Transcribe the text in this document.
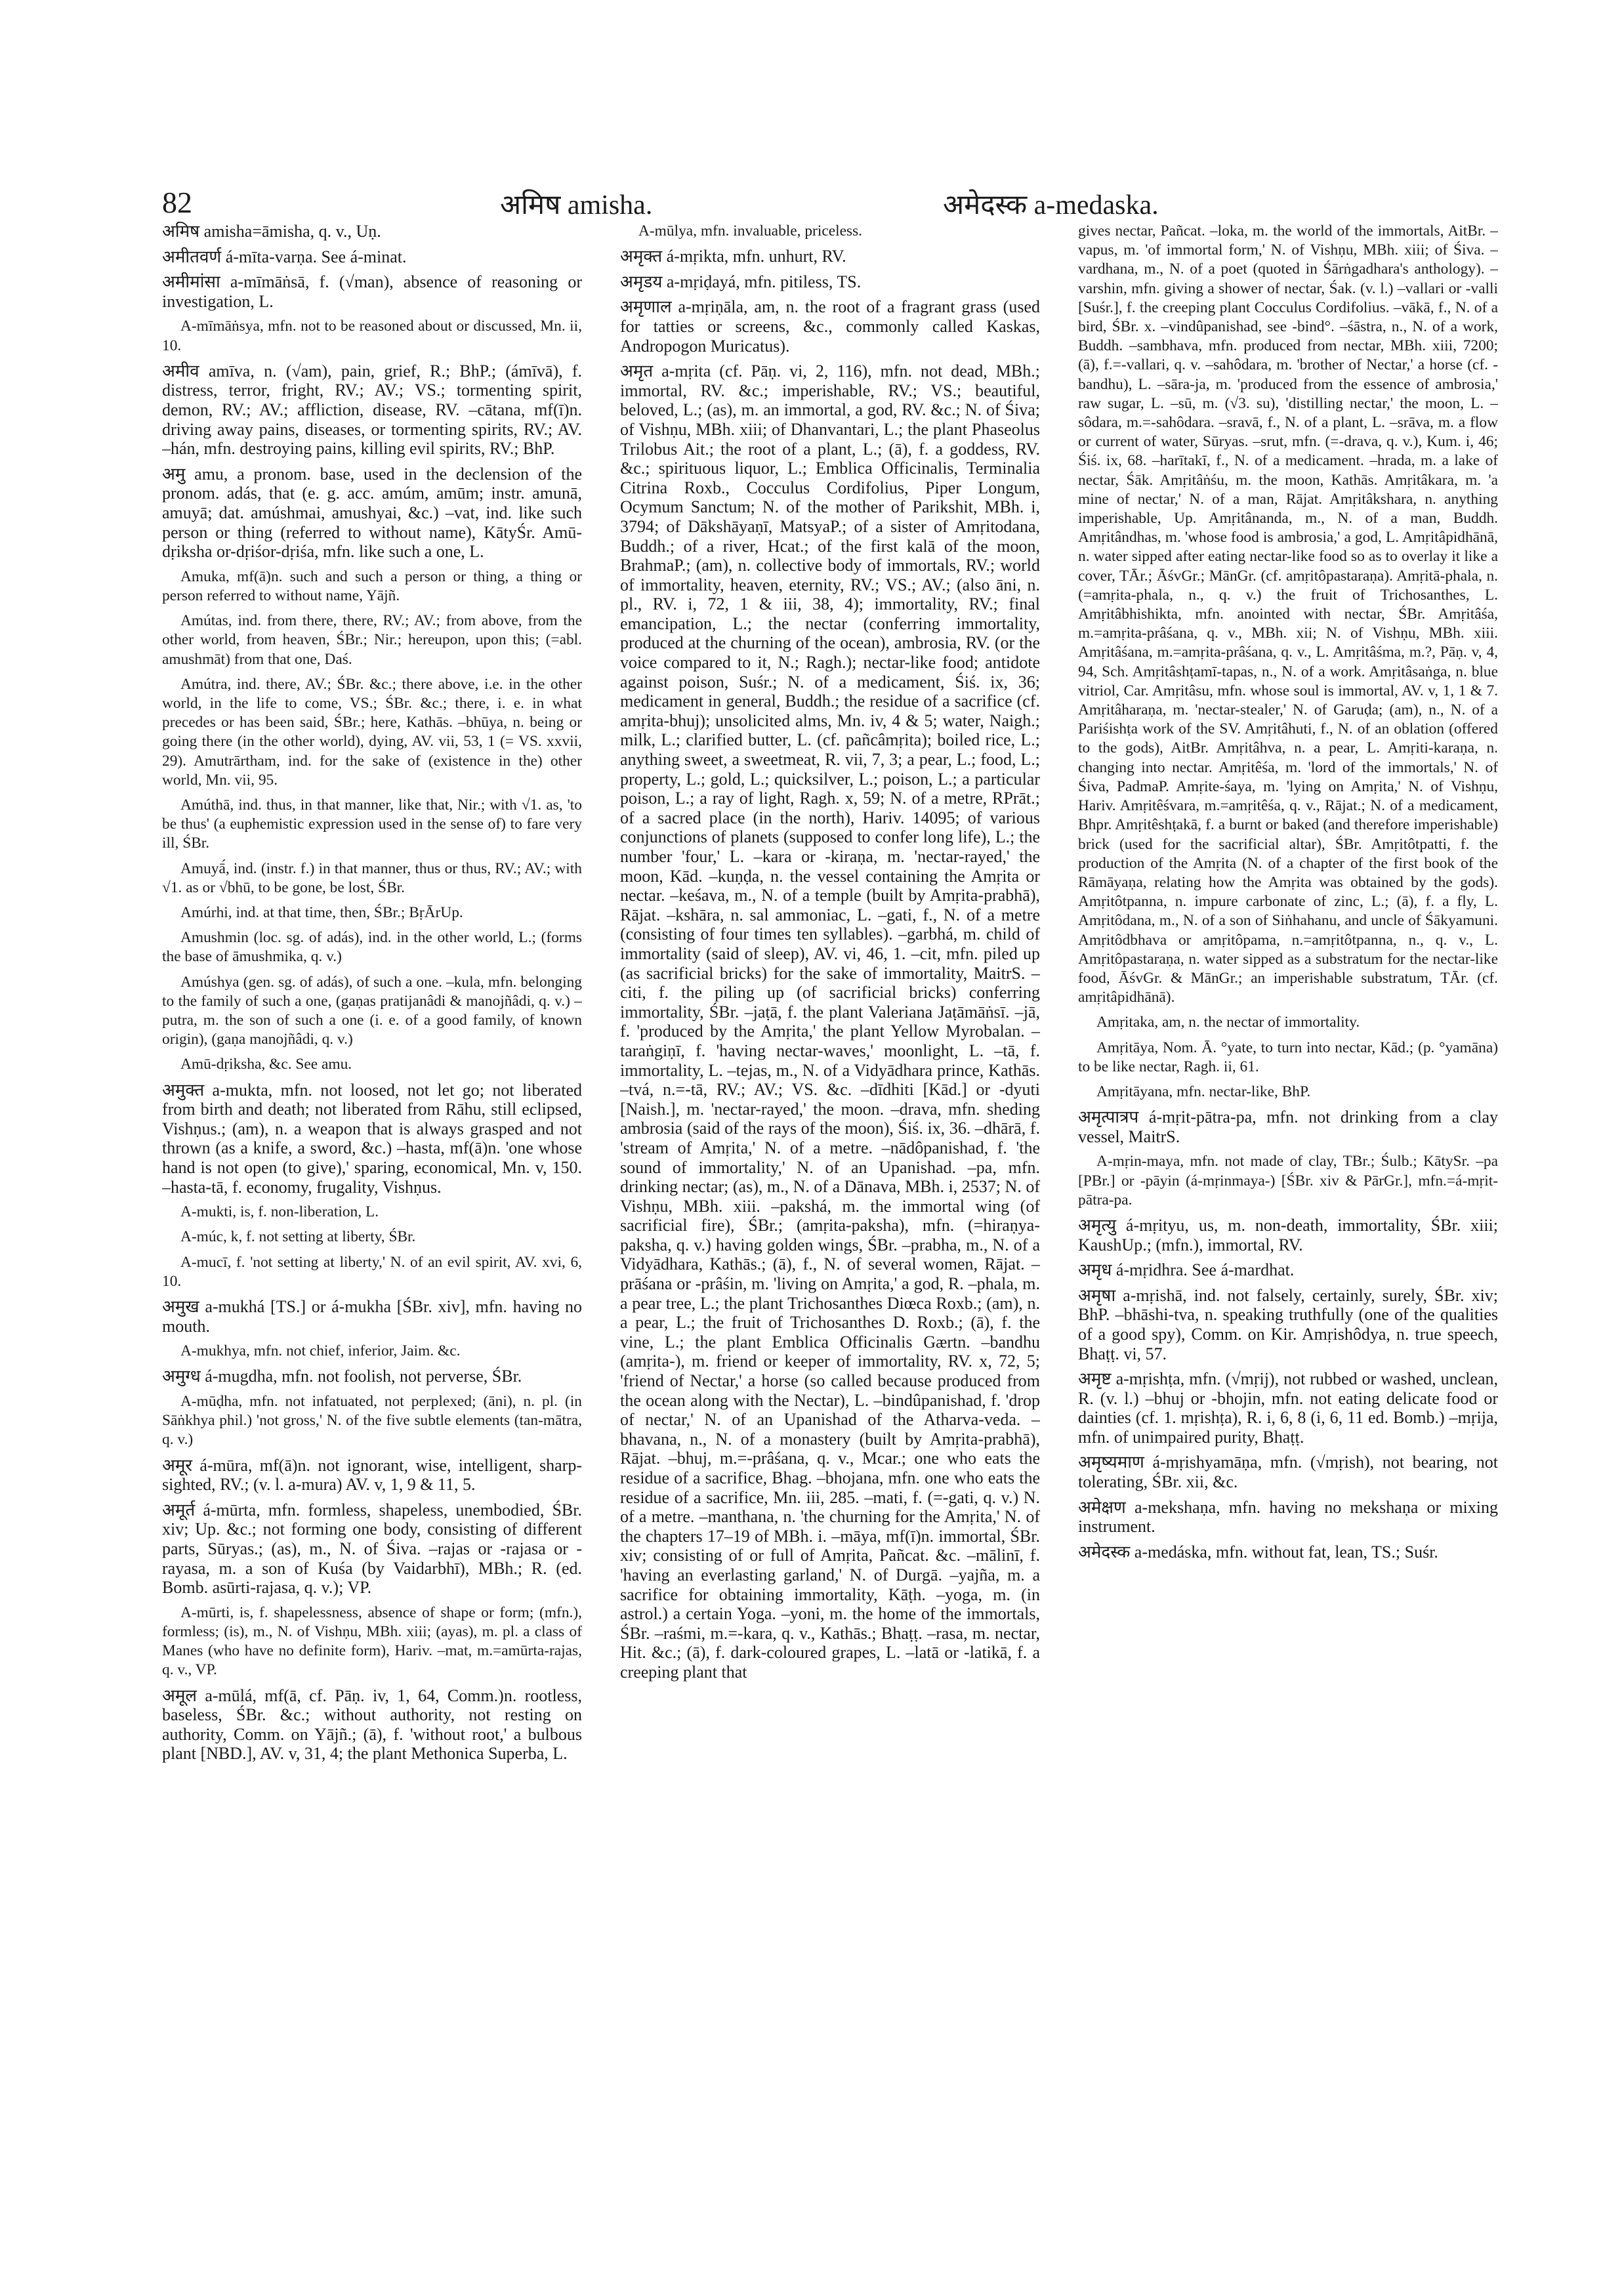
82	अमिष amisha.	अमेदस्क a-medaska.

अमिष amisha=āmisha, q. v., Uṇ.

अमीतवर्ण á-mīta-varṇa. See á-minat.

अमीमांसा a-mīmāṅsā, f. (√man), absence of reasoning or investigation, L.

A-mīmāṅsya, mfn. not to be reasoned about or discussed, Mn. ii, 10.

अमीव amīva, n. (√am), pain, grief, R.; BhP.; (ámīvā), f. distress, terror, fright, RV.; AV.; VS.; tormenting spirit, demon, RV.; AV.; affliction, disease, RV. –cātana, mf(ī)n. driving away pains, diseases, or tormenting spirits, RV.; AV. –hán, mfn. destroying pains, killing evil spirits, RV.; BhP.

अमु amu, a pronom. base, used in the declension of the pronom. adás, that (e. g. acc. amúm, amūm; instr. amunā, amuyā; dat. amúshmai, amushyai, &c.) –vat, ind. like such person or thing (referred to without name), KātyŚr. Amū-dṛiksha or-dṛiśor-dṛiśa, mfn. like such a one, L.

Amuka, mf(ā)n. such and such a person or thing, a thing or person referred to without name, Yājñ.

Amútas, ind. from there, there, RV.; AV.; from above, from the other world, from heaven, ŚBr.; Nir.; hereupon, upon this; (=abl. amushmāt) from that one, Daś.

Amútra, ind. there, AV.; ŚBr. &c.; there above, i.e. in the other world, in the life to come, VS.; ŚBr. &c.; there, i. e. in what precedes or has been said, ŚBr.; here, Kathās. –bhūya, n. being or going there (in the other world), dying, AV. vii, 53, 1 (= VS. xxvii, 29). Amutrārtham, ind. for the sake of (existence in the) other world, Mn. vii, 95.

Amúthā, ind. thus, in that manner, like that, Nir.; with √1. as, 'to be thus' (a euphemistic expression used in the sense of) to fare very ill, ŚBr.

Amuyā́, ind. (instr. f.) in that manner, thus or thus, RV.; AV.; with √1. as or √bhū, to be gone, be lost, ŚBr.

Amúrhi, ind. at that time, then, ŚBr.; BṛĀrUp.

Amushmin (loc. sg. of adás), ind. in the other world, L.; (forms the base of āmushmika, q. v.)

Amúshya (gen. sg. of adás), of such a one. –kula, mfn. belonging to the family of such a one, (gaṇas pratijanâdi & manojñâdi, q. v.) –putra, m. the son of such a one (i. e. of a good family, of known origin), (gaṇa manojñâdi, q. v.)

Amū-dṛiksha, &c. See amu.

अमुक्त a-mukta, mfn. not loosed, not let go; not liberated from birth and death; not liberated from Rāhu, still eclipsed, Vishṇus.; (am), n. a weapon that is always grasped and not thrown (as a knife, a sword, &c.) –hasta, mf(ā)n. 'one whose hand is not open (to give),' sparing, economical, Mn. v, 150. –hasta-tā, f. economy, frugality, Vishṇus.

A-mukti, is, f. non-liberation, L.

A-múc, k, f. not setting at liberty, ŚBr.

A-mucī, f. 'not setting at liberty,' N. of an evil spirit, AV. xvi, 6, 10.

अमुख a-mukhá [TS.] or á-mukha [ŚBr. xiv], mfn. having no mouth.

A-mukhya, mfn. not chief, inferior, Jaim. &c.

अमुग्ध á-mugdha, mfn. not foolish, not perverse, ŚBr.

A-mūḍha, mfn. not infatuated, not perplexed; (āni), n. pl. (in Sāṅkhya phil.) 'not gross,' N. of the five subtle elements (tan-mātra, q. v.)

अमूर á-mūra, mf(ā)n. not ignorant, wise, intelligent, sharp-sighted, RV.; (v. l. a-mura) AV. v, 1, 9 & 11, 5.

अमूर्त á-mūrta, mfn. formless, shapeless, unembodied, ŚBr. xiv; Up. &c.; not forming one body, consisting of different parts, Sūryas.; (as), m., N. of Śiva. –rajas or -rajasa or -rayasa, m. a son of Kuśa (by Vaidarbhī), MBh.; R. (ed. Bomb. asūrti-rajasa, q. v.); VP.

A-mūrti, is, f. shapelessness, absence of shape or form; (mfn.), formless; (is), m., N. of Vishṇu, MBh. xiii; (ayas), m. pl. a class of Manes (who have no definite form), Hariv. –mat, m.=amūrta-rajas, q. v., VP.

अमूल a-mūlá, mf(ā, cf. Pāṇ. iv, 1, 64, Comm.)n. rootless, baseless, ŚBr. &c.; without authority, not resting on authority, Comm. on Yājñ.; (ā), f. 'without root,' a bulbous plant [NBD.], AV. v, 31, 4; the plant Methonica Superba, L.

A-mūlya, mfn. invaluable, priceless.

अमृक्त á-mṛikta, mfn. unhurt, RV.

अमृडय a-mṛiḍayá, mfn. pitiless, TS.

अमृणाल a-mṛiṇāla, am, n. the root of a fragrant grass (used for tatties or screens, &c., commonly called Kaskas, Andropogon Muricatus).

अमृत a-mṛita (cf. Pāṇ. vi, 2, 116), mfn. not dead, MBh.; immortal, RV. &c.; imperishable, RV.; VS.; beautiful, beloved, L.; (as), m. an immortal, a god, RV. &c.; N. of Śiva; of Vishṇu, MBh. xiii; of Dhanvantari, L.; the plant Phaseolus Trilobus Ait.; the root of a plant, L.; (ā), f. a goddess, RV. &c.; spirituous liquor, L.; Emblica Officinalis, Terminalia Citrina Roxb., Cocculus Cordifolius, Piper Longum, Ocymum Sanctum; N. of the mother of Parikshit, MBh. i, 3794; of Dākshāyaṇī, MatsyaP.; of a sister of Amṛitodana, Buddh.; of a river, Hcat.; of the first kalā of the moon, BrahmaP.; (am), n. collective body of immortals, RV.; world of immortality, heaven, eternity, RV.; VS.; AV.; (also āni, n. pl., RV. i, 72, 1 & iii, 38, 4); immortality, RV.; final emancipation, L.; the nectar (conferring immortality, produced at the churning of the ocean), ambrosia, RV. (or the voice compared to it, N.; Ragh.); nectar-like food; antidote against poison, Suśr.; N. of a medicament, Śiś. ix, 36; medicament in general, Buddh.; the residue of a sacrifice (cf. amṛita-bhuj); unsolicited alms, Mn. iv, 4 & 5; water, Naigh.; milk, L.; clarified butter, L. (cf. pañcâmṛita); boiled rice, L.; anything sweet, a sweetmeat, R. vii, 7, 3; a pear, L.; food, L.; property, L.; gold, L.; quicksilver, L.; poison, L.; a particular poison, L.; a ray of light, Ragh. x, 59; N. of a metre, RPrāt.; of a sacred place (in the north), Hariv. 14095; of various conjunctions of planets (supposed to confer long life), L.; the number 'four,' L. –kara or -kiraṇa, m. 'nectar-rayed,' the moon, Kād. –kuṇḍa, n. the vessel containing the Amṛita or nectar. –keśava, m., N. of a temple (built by Amṛita-prabhā), Rājat. –kshāra, n. sal ammoniac, L. –gati, f., N. of a metre (consisting of four times ten syllables). –garbhá, m. child of immortality (said of sleep), AV. vi, 46, 1. –cit, mfn. piled up (as sacrificial bricks) for the sake of immortality, MaitrS. –citi, f. the piling up (of sacrificial bricks) conferring immortality, ŚBr. –jaṭā, f. the plant Valeriana Jaṭāmāṅsī. –jā, f. 'produced by the Amṛita,' the plant Yellow Myrobalan. –taraṅgiṇī, f. 'having nectar-waves,' moonlight, L. –tā, f. immortality, L. –tejas, m., N. of a Vidyādhara prince, Kathās. –tvá, n.=-tā, RV.; AV.; VS. &c. –dīdhiti [Kād.] or -dyuti [Naish.], m. 'nectar-rayed,' the moon. –drava, mfn. sheding ambrosia (said of the rays of the moon), Śiś. ix, 36. –dhārā, f. 'stream of Amṛita,' N. of a metre. –nādôpanishad, f. 'the sound of immortality,' N. of an Upanishad. –pa, mfn. drinking nectar; (as), m., N. of a Dānava, MBh. i, 2537; N. of Vishṇu, MBh. xiii. –pakshá, m. the immortal wing (of sacrificial fire), ŚBr.; (amṛita-paksha), mfn. (=hiraṇya-paksha, q. v.) having golden wings, ŚBr. –prabha, m., N. of a Vidyādhara, Kathās.; (ā), f., N. of several women, Rājat. –prāśana or -prâśin, m. 'living on Amṛita,' a god, R. –phala, m. a pear tree, L.; the plant Trichosanthes Diœca Roxb.; (am), n. a pear, L.; the fruit of Trichosanthes D. Roxb.; (ā), f. the vine, L.; the plant Emblica Officinalis Gærtn. –bandhu (amṛita-), m. friend or keeper of immortality, RV. x, 72, 5; 'friend of Nectar,' a horse (so called because produced from the ocean along with the Nectar), L. –bindûpanishad, f. 'drop of nectar,' N. of an Upanishad of the Atharva-veda. –bhavana, n., N. of a monastery (built by Amṛita-prabhā), Rājat. –bhuj, m.=-prâśana, q. v., Mcar.; one who eats the residue of a sacrifice, Bhag. –bhojana, mfn. one who eats the residue of a sacrifice, Mn. iii, 285. –mati, f. (=-gati, q. v.) N. of a metre. –manthana, n. 'the churning for the Amṛita,' N. of the chapters 17–19 of MBh. i. –māya, mf(ī)n. immortal, ŚBr. xiv; consisting of or full of Amṛita, Pañcat. &c. –mālinī, f. 'having an everlasting garland,' N. of Durgā. –yajña, m. a sacrifice for obtaining immortality, Kāṭh. –yoga, m. (in astrol.) a certain Yoga. –yoni, m. the home of the immortals, ŚBr. –raśmi, m.=-kara, q. v., Kathās.; Bhaṭṭ. –rasa, m. nectar, Hit. &c.; (ā), f. dark-coloured grapes, L. –latā or -latikā, f. a creeping plant that

gives nectar, Pañcat. –loka, m. the world of the immortals, AitBr. –vapus, m. 'of immortal form,' N. of Vishṇu, MBh. xiii; of Śiva. –vardhana, m., N. of a poet (quoted in Śārṅgadhara's anthology). –varshin, mfn. giving a shower of nectar, Śak. (v. l.) –vallari or -valli [Suśr.], f. the creeping plant Cocculus Cordifolius. –vākā, f., N. of a bird, ŚBr. x. –vindûpanishad, see -bind°. –śāstra, n., N. of a work, Buddh. –sambhava, mfn. produced from nectar, MBh. xiii, 7200; (ā), f.=-vallari, q. v. –sahôdara, m. 'brother of Nectar,' a horse (cf. -bandhu), L. –sāra-ja, m. 'produced from the essence of ambrosia,' raw sugar, L. –sū, m. (√3. su), 'distilling nectar,' the moon, L. –sôdara, m.=-sahôdara. –sravā, f., N. of a plant, L. –srāva, m. a flow or current of water, Sūryas. –srut, mfn. (=-drava, q. v.), Kum. i, 46; Śiś. ix, 68. –harītakī, f., N. of a medicament. –hrada, m. a lake of nectar, Śāk. Amṛitâṅśu, m. the moon, Kathās. Amṛitâkara, m. 'a mine of nectar,' N. of a man, Rājat. Amṛitâkshara, n. anything imperishable, Up. Amṛitânanda, m., N. of a man, Buddh. Amṛitândhas, m. 'whose food is ambrosia,' a god, L. Amṛitâpidhānā, n. water sipped after eating nectar-like food so as to overlay it like a cover, TĀr.; ĀśvGr.; MānGr. (cf. amṛitôpastaraṇa). Amṛitā-phala, n. (=amṛita-phala, n., q. v.) the fruit of Trichosanthes, L. Amṛitâbhishikta, mfn. anointed with nectar, ŚBr. Amṛitâśa, m.=amṛita-prâśana, q. v., MBh. xii; N. of Vishṇu, MBh. xiii. Amṛitâśana, m.=amṛita-prâśana, q. v., L. Amṛitâśma, m.?, Pāṇ. v, 4, 94, Sch. Amṛitâshṭamī-tapas, n., N. of a work. Amṛitâsaṅga, n. blue vitriol, Car. Amṛitâsu, mfn. whose soul is immortal, AV. v, 1, 1 & 7. Amṛitâharaṇa, m. 'nectar-stealer,' N. of Garuḍa; (am), n., N. of a Pariśishṭa work of the SV. Amṛitâhuti, f., N. of an oblation (offered to the gods), AitBr. Amṛitâhva, n. a pear, L. Amṛiti-karaṇa, n. changing into nectar. Amṛitêśa, m. 'lord of the immortals,' N. of Śiva, PadmaP. Amṛite-śaya, m. 'lying on Amṛita,' N. of Vishṇu, Hariv. Amṛitêśvara, m.=amṛitêśa, q. v., Rājat.; N. of a medicament, Bhpr. Amṛitêshṭakā, f. a burnt or baked (and therefore imperishable) brick (used for the sacrificial altar), ŚBr. Amṛitôtpatti, f. the production of the Amṛita (N. of a chapter of the first book of the Rāmāyaṇa, relating how the Amṛita was obtained by the gods). Amṛitôtpanna, n. impure carbonate of zinc, L.; (ā), f. a fly, L. Amṛitôdana, m., N. of a son of Siṅhahanu, and uncle of Śākyamuni. Amṛitôdbhava or amṛitôpama, n.=amṛitôtpanna, n., q. v., L. Amṛitôpastaraṇa, n. water sipped as a substratum for the nectar-like food, ĀśvGr. & MānGr.; an imperishable substratum, TĀr. (cf. amṛitâpidhānā).

Amṛitaka, am, n. the nectar of immortality.

Amṛitāya, Nom. Ā. °yate, to turn into nectar, Kād.; (p. °yamāna) to be like nectar, Ragh. ii, 61.

Amṛitāyana, mfn. nectar-like, BhP.

अमृत्पात्रप á-mṛit-pātra-pa, mfn. not drinking from a clay vessel, MaitrS.

A-mṛin-maya, mfn. not made of clay, TBr.; Śulb.; KātySr. –pa [PBr.] or -pāyin (á-mṛinmaya-) [ŚBr. xiv & PārGr.], mfn.=á-mṛit-pātra-pa.

अमृत्यु á-mṛityu, us, m. non-death, immortality, ŚBr. xiii; KaushUp.; (mfn.), immortal, RV.

अमृध á-mṛidhra. See á-mardhat.

अमृषा a-mṛishā, ind. not falsely, certainly, surely, ŚBr. xiv; BhP. –bhāshi-tva, n. speaking truthfully (one of the qualities of a good spy), Comm. on Kir. Amṛishôdya, n. true speech, Bhaṭṭ. vi, 57.

अमृष्ट a-mṛishṭa, mfn. (√mṛij), not rubbed or washed, unclean, R. (v. l.) –bhuj or -bhojin, mfn. not eating delicate food or dainties (cf. 1. mṛishṭa), R. i, 6, 8 (i, 6, 11 ed. Bomb.) –mṛija, mfn. of unimpaired purity, Bhaṭṭ.

अमृष्यमाण á-mṛishyamāṇa, mfn. (√mṛish), not bearing, not tolerating, ŚBr. xii, &c.

अमेक्षण a-mekshaṇa, mfn. having no mekshaṇa or mixing instrument.

अमेदस्क a-medáska, mfn. without fat, lean, TS.; Suśr.
